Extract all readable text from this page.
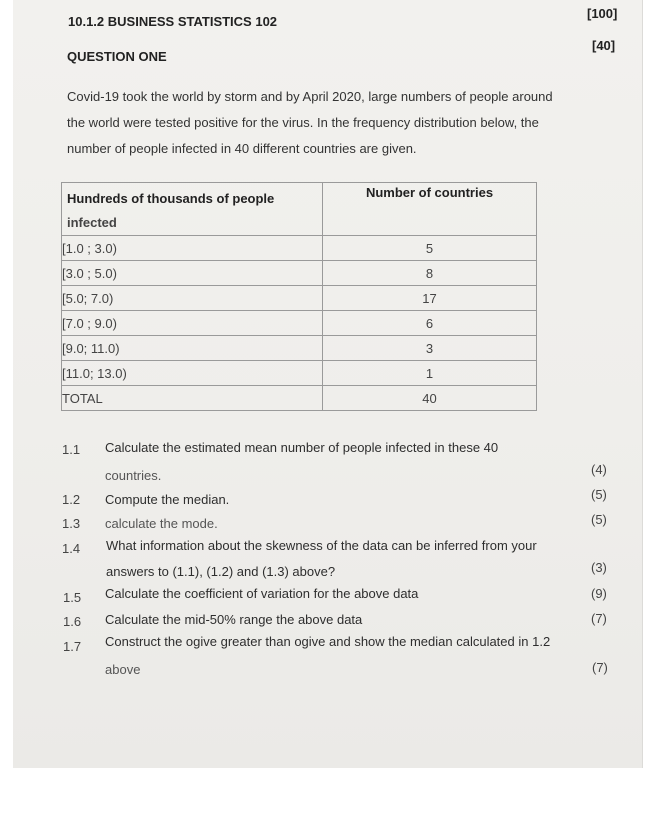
10.1.2 BUSINESS STATISTICS 102
[100]
QUESTION ONE
[40]
Covid-19 took the world by storm and by April 2020, large numbers of people around
the world were tested positive for the virus. In the frequency distribution below, the
number of people infected in 40 different countries are given.
Hundreds of thousands of people
infected	Number of countries

[1.0 ; 3.0)	5
[3.0 ; 5.0)	8
[5.0; 7.0)	17
[7.0 ; 9.0)	6
[9.0; 11.0)	3
[11.0; 13.0)	1
TOTAL	40
1.1 Calculate the estimated mean number of people infected in these 40
countries.	(4)
1.2 Compute the median.	(5)
1.3 calculate the mode.	(5)
1.4 What information about the skewness of the data can be inferred from your
answers to (1.1), (1.2) and (1.3) above?	(3)
1.5 Calculate the coefficient of variation for the above data	(9)
1.6 Calculate the mid-50% range the above data	(7)
1.7 Construct the ogive greater than ogive and show the median calculated in 1.2
above	(7)
